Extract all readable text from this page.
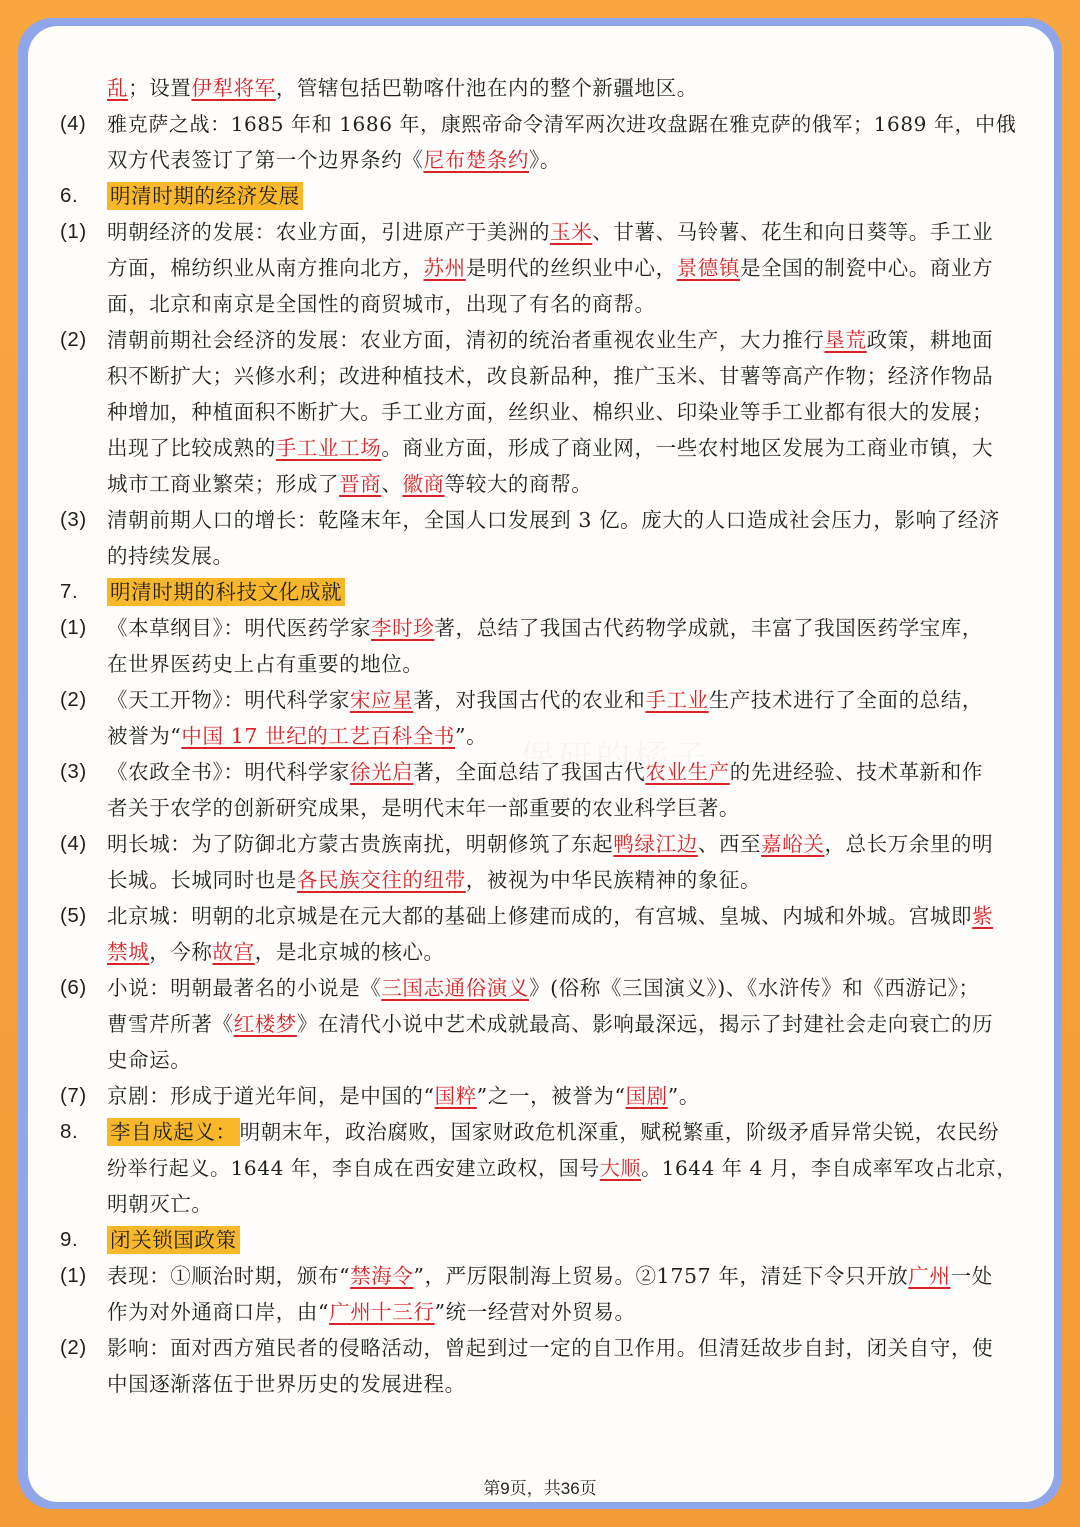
乱；设置伊犁将军，管辖包括巴勒喀什池在内的整个新疆地区。
(4)	雅克萨之战：1685 年和 1686 年，康熙帝命令清军两次进攻盘踞在雅克萨的俄军；1689 年，中俄
双方代表签订了第一个边界条约《尼布楚条约》。
6.	明清时期的经济发展
(1) 明朝经济的发展：农业方面，引进原产于美洲的玉米、甘薯、马铃薯、花生和向日葵等。手工业
方面，棉纺织业从南方推向北方，苏州是明代的丝织业中心，景德镇是全国的制瓷中心。商业方
面，北京和南京是全国性的商贸城市，出现了有名的商帮。
(2) 清朝前期社会经济的发展：农业方面，清初的统治者重视农业生产，大力推行垦荒政策，耕地面
积不断扩大；兴修水利；改进种植技术，改良新品种，推广玉米、甘薯等高产作物；经济作物品
种增加，种植面积不断扩大。手工业方面，丝织业、棉织业、印染业等手工业都有很大的发展；
出现了比较成熟的手工业工场。商业方面，形成了商业网，一些农村地区发展为工商业市镇，大
城市工商业繁荣；形成了晋商、徽商等较大的商帮。
(3) 清朝前期人口的增长：乾隆末年，全国人口发展到 3 亿。庞大的人口造成社会压力，影响了经济
的持续发展。
7.	明清时期的科技文化成就
(1) 《本草纲目》：明代医药学家李时珍著，总结了我国古代药物学成就，丰富了我国医药学宝库，
在世界医药史上占有重要的地位。
(2) 《天工开物》：明代科学家宋应星著，对我国古代的农业和手工业生产技术进行了全面的总结，
被誉为“中国 17 世纪的工艺百科全书”。
(3) 《农政全书》：明代科学家徐光启著，全面总结了我国古代农业生产的先进经验、技术革新和作
者关于农学的创新研究成果，是明代末年一部重要的农业科学巨著。
(4) 明长城：为了防御北方蒙古贵族南扰，明朝修筑了东起鸭绿江边、西至嘉峪关，总长万余里的明
长城。长城同时也是各民族交往的纽带，被视为中华民族精神的象征。
(5) 北京城：明朝的北京城是在元大都的基础上修建而成的，有宫城、皇城、内城和外城。宫城即紫
禁城，今称故宫，是北京城的核心。
(6) 小说：明朝最著名的小说是《三国志通俗演义》(俗称《三国演义》)、《水浒传》和《西游记》；
曹雪芹所著《红楼梦》在清代小说中艺术成就最高、影响最深远，揭示了封建社会走向衰亡的历
史命运。
(7) 京剧：形成于道光年间，是中国的“国粹”之一，被誉为“国剧”。
8.	李自成起义： 明朝末年，政治腐败，国家财政危机深重，赋税繁重，阶级矛盾异常尖锐，农民纷
纷举行起义。1644 年，李自成在西安建立政权，国号大顺。1644 年 4 月，李自成率军攻占北京，
明朝灭亡。
9.	闭关锁国政策
(1) 表现：①顺治时期，颁布“禁海令”，严厉限制海上贸易。②1757 年，清廷下令只开放广州一处
作为对外通商口岸，由“广州十三行”统一经营对外贸易。
(2) 影响：面对西方殖民者的侵略活动，曾起到过一定的自卫作用。但清廷故步自封，闭关自守，使
中国逐渐落伍于世界历史的发展进程。
第9页，共36页
